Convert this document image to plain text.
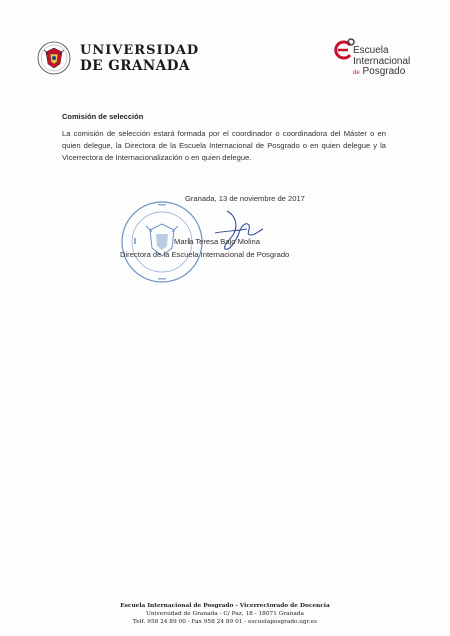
UNIVERSIDAD
DE GRANADA
Escuela
Internacional
de Posgrado
Comisión de selección
La comisión de selección estará formada por el coordinador o coordinadora del Máster o en quien delegue, la Directora de la Escuela Internacional de Posgrado o en quien delegue y la Vicerrectora de Internacionalización o en quien delegue.
Granada, 13 de noviembre de 2017
María Teresa Bajo Molina
Directora de la Escuela Internacional de Posgrado
Escuela Internacional de Posgrado - Vicerrectorado de Docencia
Universidad de Granada - C/ Paz, 18 - 18071 Granada
Telf. 958 24 89 00 - Fax 958 24 89 01 - escuelaposgrado.ugr.es
